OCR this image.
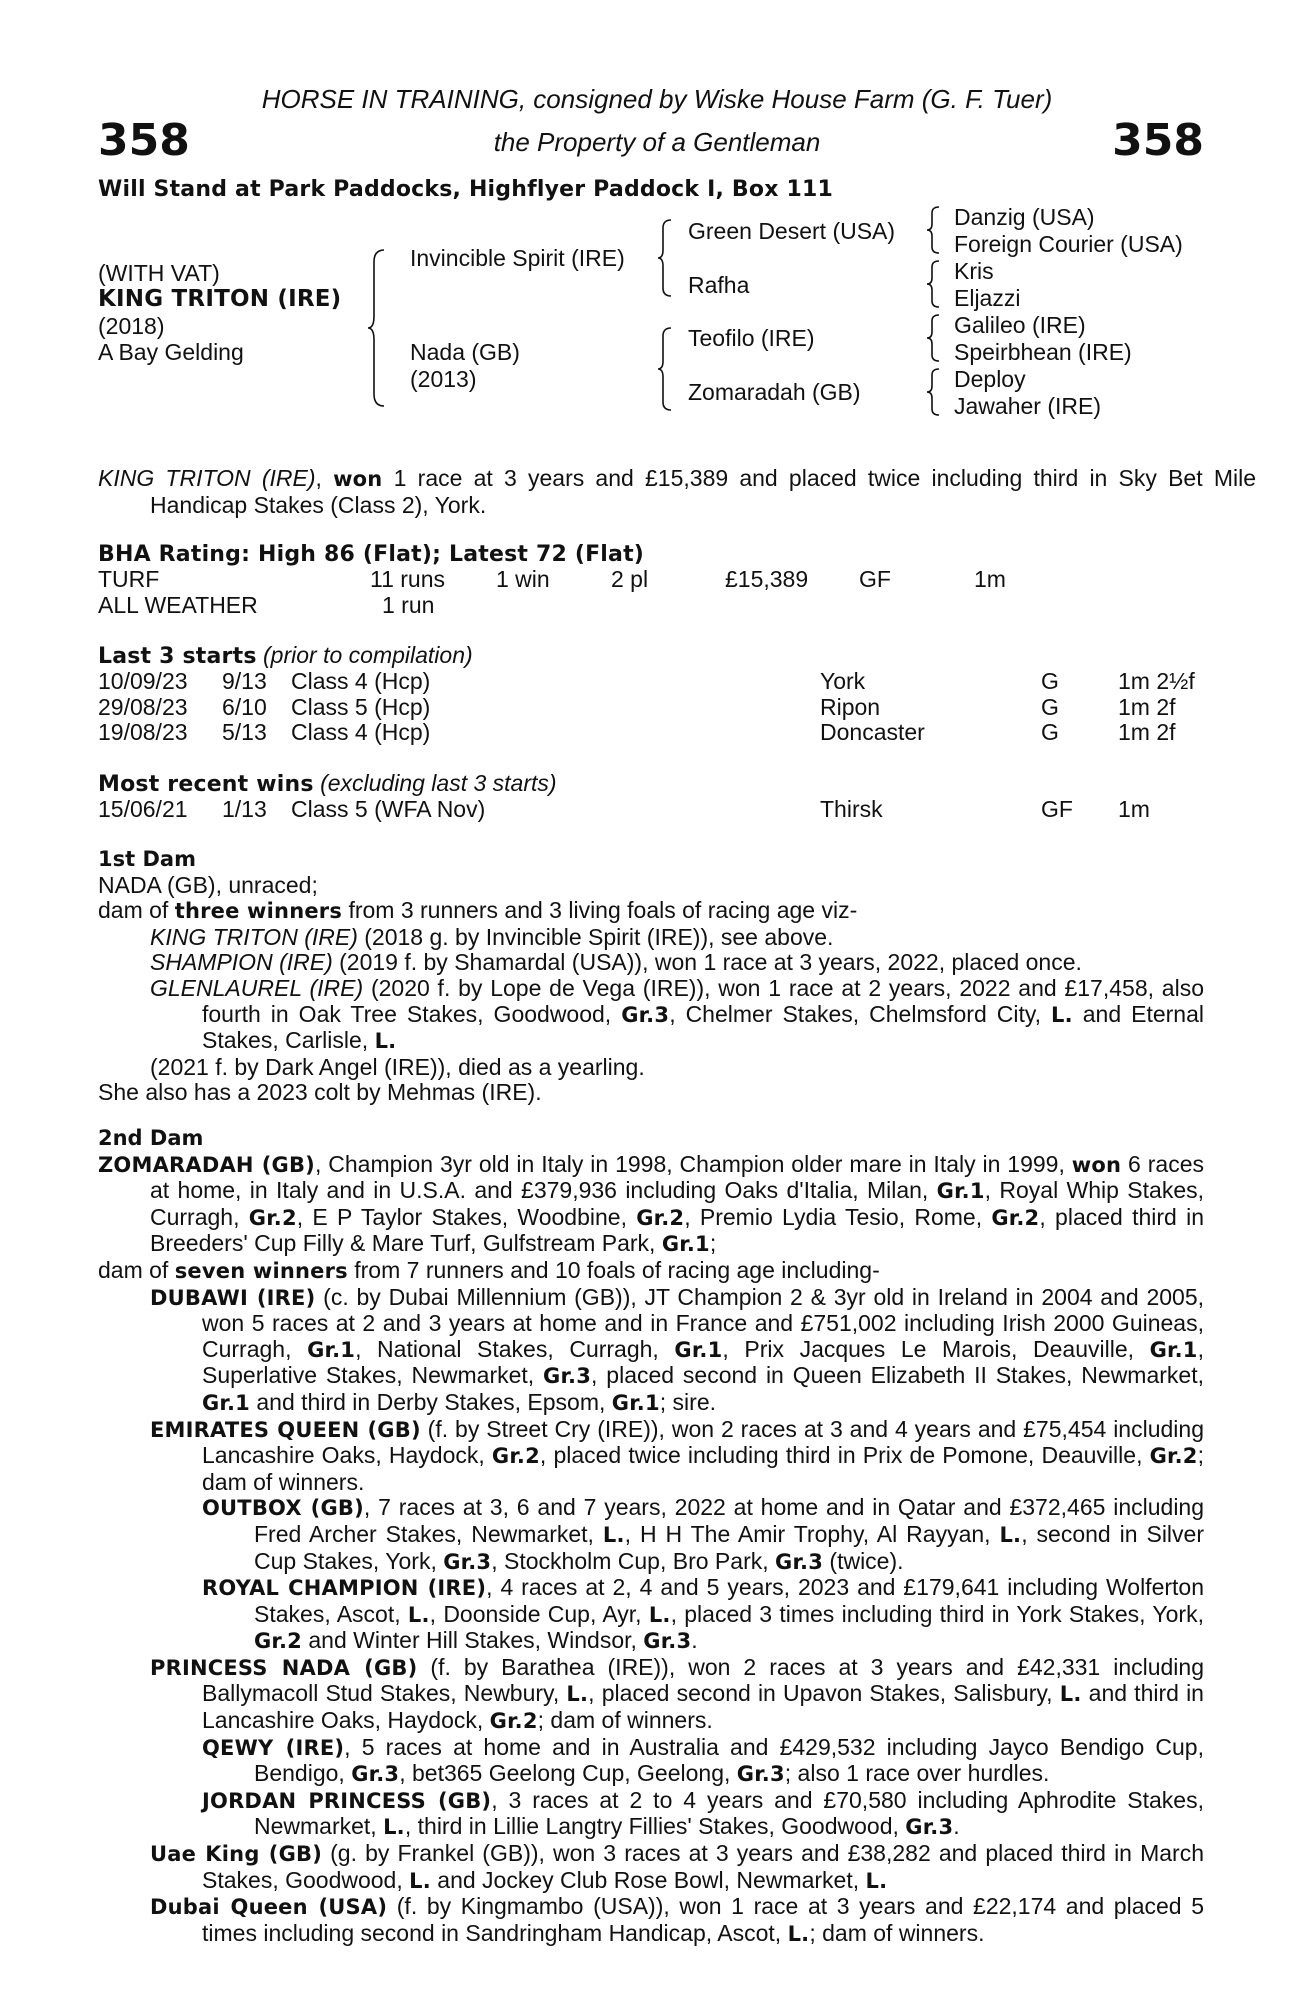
358	358
HORSE IN TRAINING, consigned by Wiske House Farm (G. F. Tuer)
the Property of a Gentleman
Will Stand at Park Paddocks, Highflyer Paddock I, Box 111
(WITH VAT)
KING TRITON (IRE)
(2018)
A Bay Gelding
Invincible Spirit (IRE)
Nada (GB)
(2013)
Green Desert (USA)
Rafha
Teofilo (IRE)
Zomaradah (GB)
Danzig (USA)
Foreign Courier (USA)
Kris
Eljazzi
Galileo (IRE)
Speirbhean (IRE)
Deploy
Jawaher (IRE)
KING TRITON (IRE), won 1 race at 3 years and £15,389 and placed twice including third in Sky Bet Mile Handicap Stakes (Class 2), York.
BHA Rating: High 86 (Flat); Latest 72 (Flat)
TURF	11 runs 1 win	2 pl	£15,389 GF	1m
ALL WEATHER	1 run
Last 3 starts (prior to compilation)
10/09/23 9/13 Class 4 (Hcp)	York	G	1m 2½f
29/08/23 6/10 Class 5 (Hcp)	Ripon	G	1m 2f
19/08/23 5/13 Class 4 (Hcp)	Doncaster	G	1m 2f
Most recent wins (excluding last 3 starts)
15/06/21 1/13 Class 5 (WFA Nov)	Thirsk	GF 1m
1st Dam
NADA (GB), unraced;
dam of three winners from 3 runners and 3 living foals of racing age viz-
KING TRITON (IRE) (2018 g. by Invincible Spirit (IRE)), see above.
SHAMPION (IRE) (2019 f. by Shamardal (USA)), won 1 race at 3 years, 2022, placed once.
GLENLAUREL (IRE) (2020 f. by Lope de Vega (IRE)), won 1 race at 2 years, 2022 and £17,458, also fourth in Oak Tree Stakes, Goodwood, Gr.3, Chelmer Stakes, Chelmsford City, L. and Eternal Stakes, Carlisle, L.
(2021 f. by Dark Angel (IRE)), died as a yearling.
She also has a 2023 colt by Mehmas (IRE).
2nd Dam
ZOMARADAH (GB), Champion 3yr old in Italy in 1998, Champion older mare in Italy in 1999, won 6 races at home, in Italy and in U.S.A. and £379,936 including Oaks d'Italia, Milan, Gr.1, Royal Whip Stakes, Curragh, Gr.2, E P Taylor Stakes, Woodbine, Gr.2, Premio Lydia Tesio, Rome, Gr.2, placed third in Breeders' Cup Filly & Mare Turf, Gulfstream Park, Gr.1;
dam of seven winners from 7 runners and 10 foals of racing age including-
DUBAWI (IRE) (c. by Dubai Millennium (GB)), JT Champion 2 & 3yr old in Ireland in 2004 and 2005, won 5 races at 2 and 3 years at home and in France and £751,002 including Irish 2000 Guineas, Curragh, Gr.1, National Stakes, Curragh, Gr.1, Prix Jacques Le Marois, Deauville, Gr.1, Superlative Stakes, Newmarket, Gr.3, placed second in Queen Elizabeth II Stakes, Newmarket, Gr.1 and third in Derby Stakes, Epsom, Gr.1; sire.
EMIRATES QUEEN (GB) (f. by Street Cry (IRE)), won 2 races at 3 and 4 years and £75,454 including Lancashire Oaks, Haydock, Gr.2, placed twice including third in Prix de Pomone, Deauville, Gr.2; dam of winners.
OUTBOX (GB), 7 races at 3, 6 and 7 years, 2022 at home and in Qatar and £372,465 including Fred Archer Stakes, Newmarket, L., H H The Amir Trophy, Al Rayyan, L., second in Silver Cup Stakes, York, Gr.3, Stockholm Cup, Bro Park, Gr.3 (twice).
ROYAL CHAMPION (IRE), 4 races at 2, 4 and 5 years, 2023 and £179,641 including Wolferton Stakes, Ascot, L., Doonside Cup, Ayr, L., placed 3 times including third in York Stakes, York, Gr.2 and Winter Hill Stakes, Windsor, Gr.3.
PRINCESS NADA (GB) (f. by Barathea (IRE)), won 2 races at 3 years and £42,331 including Ballymacoll Stud Stakes, Newbury, L., placed second in Upavon Stakes, Salisbury, L. and third in Lancashire Oaks, Haydock, Gr.2; dam of winners.
QEWY (IRE), 5 races at home and in Australia and £429,532 including Jayco Bendigo Cup, Bendigo, Gr.3, bet365 Geelong Cup, Geelong, Gr.3; also 1 race over hurdles.
JORDAN PRINCESS (GB), 3 races at 2 to 4 years and £70,580 including Aphrodite Stakes, Newmarket, L., third in Lillie Langtry Fillies' Stakes, Goodwood, Gr.3.
Uae King (GB) (g. by Frankel (GB)), won 3 races at 3 years and £38,282 and placed third in March Stakes, Goodwood, L. and Jockey Club Rose Bowl, Newmarket, L.
Dubai Queen (USA) (f. by Kingmambo (USA)), won 1 race at 3 years and £22,174 and placed 5 times including second in Sandringham Handicap, Ascot, L.; dam of winners.
